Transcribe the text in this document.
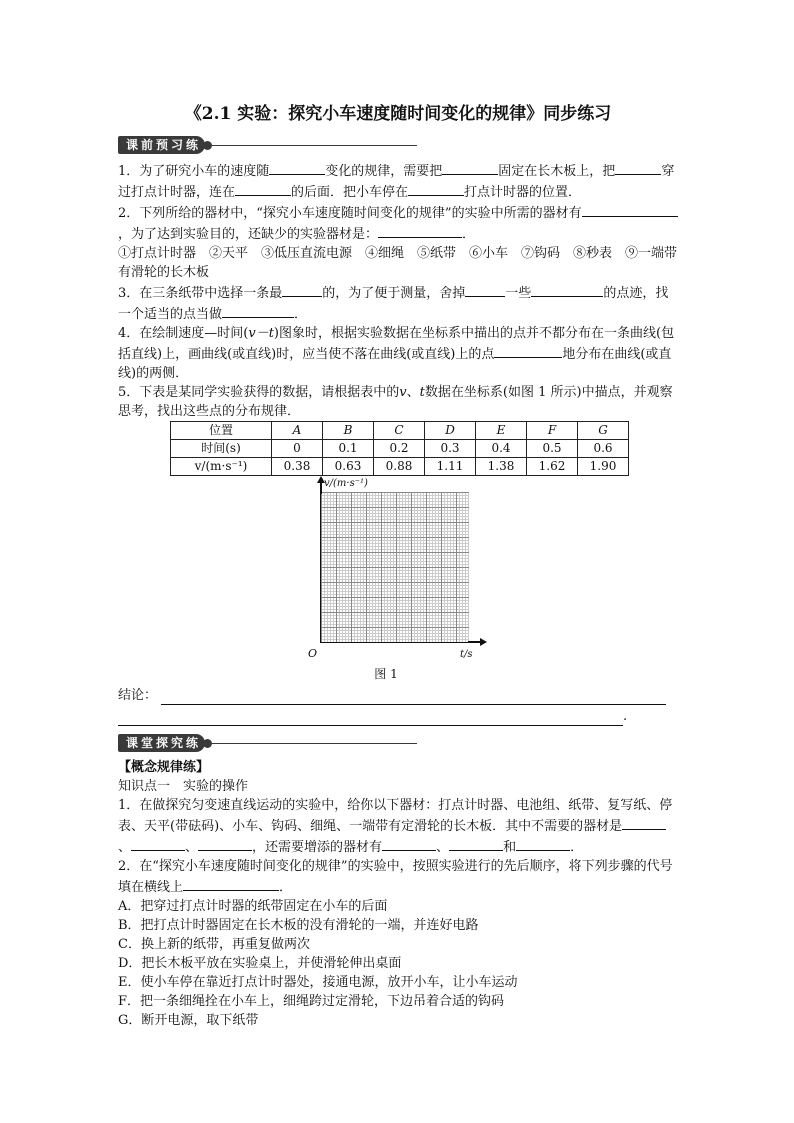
《2.1 实验：探究小车速度随时间变化的规律》同步练习
课前预习练

1．为了研究小车的速度随	变化的规律，需要把	固定在长木板上，把	穿过打点计时器，连在	的后面．把小车停在	打点计时器的位置．

2．下列所给的器材中，“探究小车速度随时间变化的规律”的实验中所需的器材有，为了达到实验目的，还缺少的实验器材是：	．

①打点计时器　②天平　③低压直流电源　④细绳　⑤纸带　⑥小车　⑦钩码　⑧秒表　⑨一端带有滑轮的长木板

3．在三条纸带中选择一条最	的，为了便于测量，舍掉	一些	的点迹，找一个适当的点当做	．

4．在绘制速度—时间(v－t)图象时，根据实验数据在坐标系中描出的点并不都分布在一条曲线(包括直线)上，画曲线(或直线)时，应当使不落在曲线(或直线)上的点	地分布在曲线(或直线)的两侧．

5．下表是某同学实验获得的数据，请根据表中的v、t数据在坐标系(如图 1 所示)中描点，并观察思考，找出这些点的分布规律．

位置	A	B	C	D	E	F	G
时间(s)	0	0.1	0.2	0.3	0.4	0.5	0.6
v/(m·s⁻¹)	0.38	0.63	0.88	1.11	1.38	1.62	1.90
v/(m·s⁻¹)
O	t/s
图 1
结论：
.
课堂探究练

【概念规律练】

知识点一　实验的操作

1．在做探究匀变速直线运动的实验中，给你以下器材：打点计时器、电池组、纸带、复写纸、停表、天平(带砝码)、小车、钩码、细绳、一端带有定滑轮的长木板．其中不需要的器材是、	、	，还需要增添的器材有	、	和	．

2．在“探究小车速度随时间变化的规律”的实验中，按照实验进行的先后顺序，将下列步骤的代号填在横线上	．

A．把穿过打点计时器的纸带固定在小车的后面

B．把打点计时器固定在长木板的没有滑轮的一端，并连好电路

C．换上新的纸带，再重复做两次

D．把长木板平放在实验桌上，并使滑轮伸出桌面

E．使小车停在靠近打点计时器处，接通电源，放开小车，让小车运动

F．把一条细绳拴在小车上，细绳跨过定滑轮，下边吊着合适的钩码

G．断开电源，取下纸带
